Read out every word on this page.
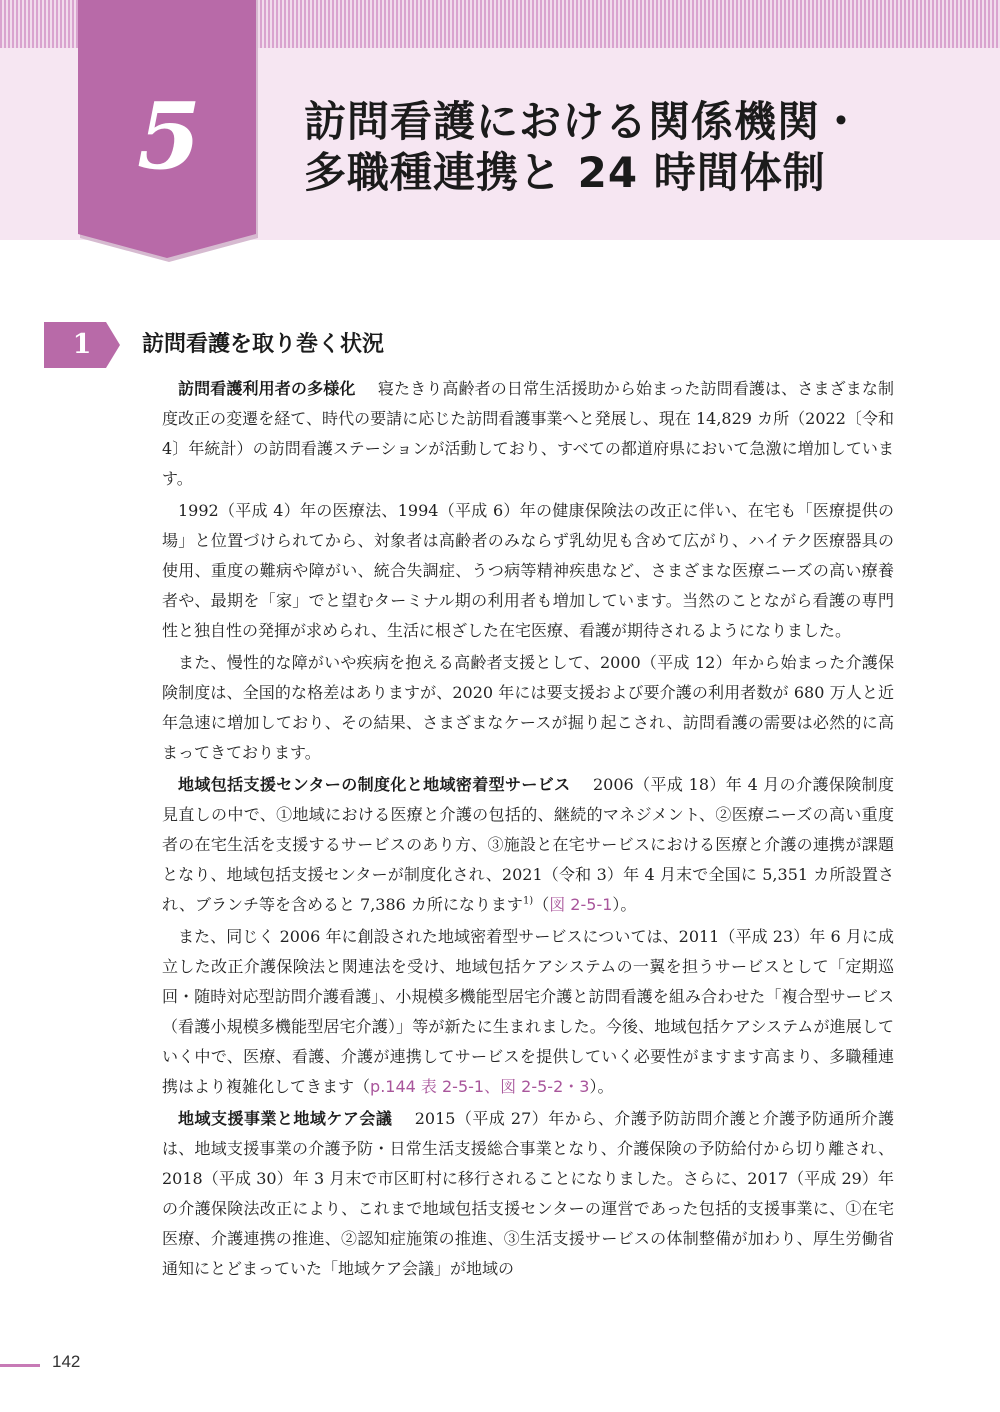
5	訪問看護における関係機関・
多職種連携と 24 時間体制
1	訪問看護を取り巻く状況

訪問看護利用者の多様化 寝たきり高齢者の日常生活援助から始まった訪問看護は、さまざまな制度改正の変遷を経て、時代の要請に応じた訪問看護事業へと発展し、現在 14,829 カ所（2022〔令和 4〕年統計）の訪問看護ステーションが活動しており、すべての都道府県において急激に増加しています。

1992（平成 4）年の医療法、1994（平成 6）年の健康保険法の改正に伴い、在宅も「医療提供の場」と位置づけられてから、対象者は高齢者のみならず乳幼児も含めて広がり、ハイテク医療器具の使用、重度の難病や障がい、統合失調症、うつ病等精神疾患など、さまざまな医療ニーズの高い療養者や、最期を「家」でと望むターミナル期の利用者も増加しています。当然のことながら看護の専門性と独自性の発揮が求められ、生活に根ざした在宅医療、看護が期待されるようになりました。

また、慢性的な障がいや疾病を抱える高齢者支援として、2000（平成 12）年から始まった介護保険制度は、全国的な格差はありますが、2020 年には要支援および要介護の利用者数が 680 万人と近年急速に増加しており、その結果、さまざまなケースが掘り起こされ、訪問看護の需要は必然的に高まってきております。

地域包括支援センターの制度化と地域密着型サービス 2006（平成 18）年 4 月の介護保険制度見直しの中で、①地域における医療と介護の包括的、継続的マネジメント、②医療ニーズの高い重度者の在宅生活を支援するサービスのあり方、③施設と在宅サービスにおける医療と介護の連携が課題となり、地域包括支援センターが制度化され、2021（令和 3）年 4 月末で全国に 5,351 カ所設置され、ブランチ等を含めると 7,386 カ所になります$^{1)}$（図 2-5-1）。

また、同じく 2006 年に創設された地域密着型サービスについては、2011（平成 23）年 6 月に成立した改正介護保険法と関連法を受け、地域包括ケアシステムの一翼を担うサービスとして「定期巡回・随時対応型訪問介護看護」、小規模多機能型居宅介護と訪問看護を組み合わせた「複合型サービス（看護小規模多機能型居宅介護）」等が新たに生まれました。今後、地域包括ケアシステムが進展していく中で、医療、看護、介護が連携してサービスを提供していく必要性がますます高まり、多職種連携はより複雑化してきます（p.144 表 2-5-1、図 2-5-2・3）。

地域支援事業と地域ケア会議 2015（平成 27）年から、介護予防訪問介護と介護予防通所介護は、地域支援事業の介護予防・日常生活支援総合事業となり、介護保険の予防給付から切り離され、2018（平成 30）年 3 月末で市区町村に移行されることになりました。さらに、2017（平成 29）年の介護保険法改正により、これまで地域包括支援センターの運営であった包括的支援事業に、①在宅医療、介護連携の推進、②認知症施策の推進、③生活支援サービスの体制整備が加わり、厚生労働省通知にとどまっていた「地域ケア会議」が地域の

142
